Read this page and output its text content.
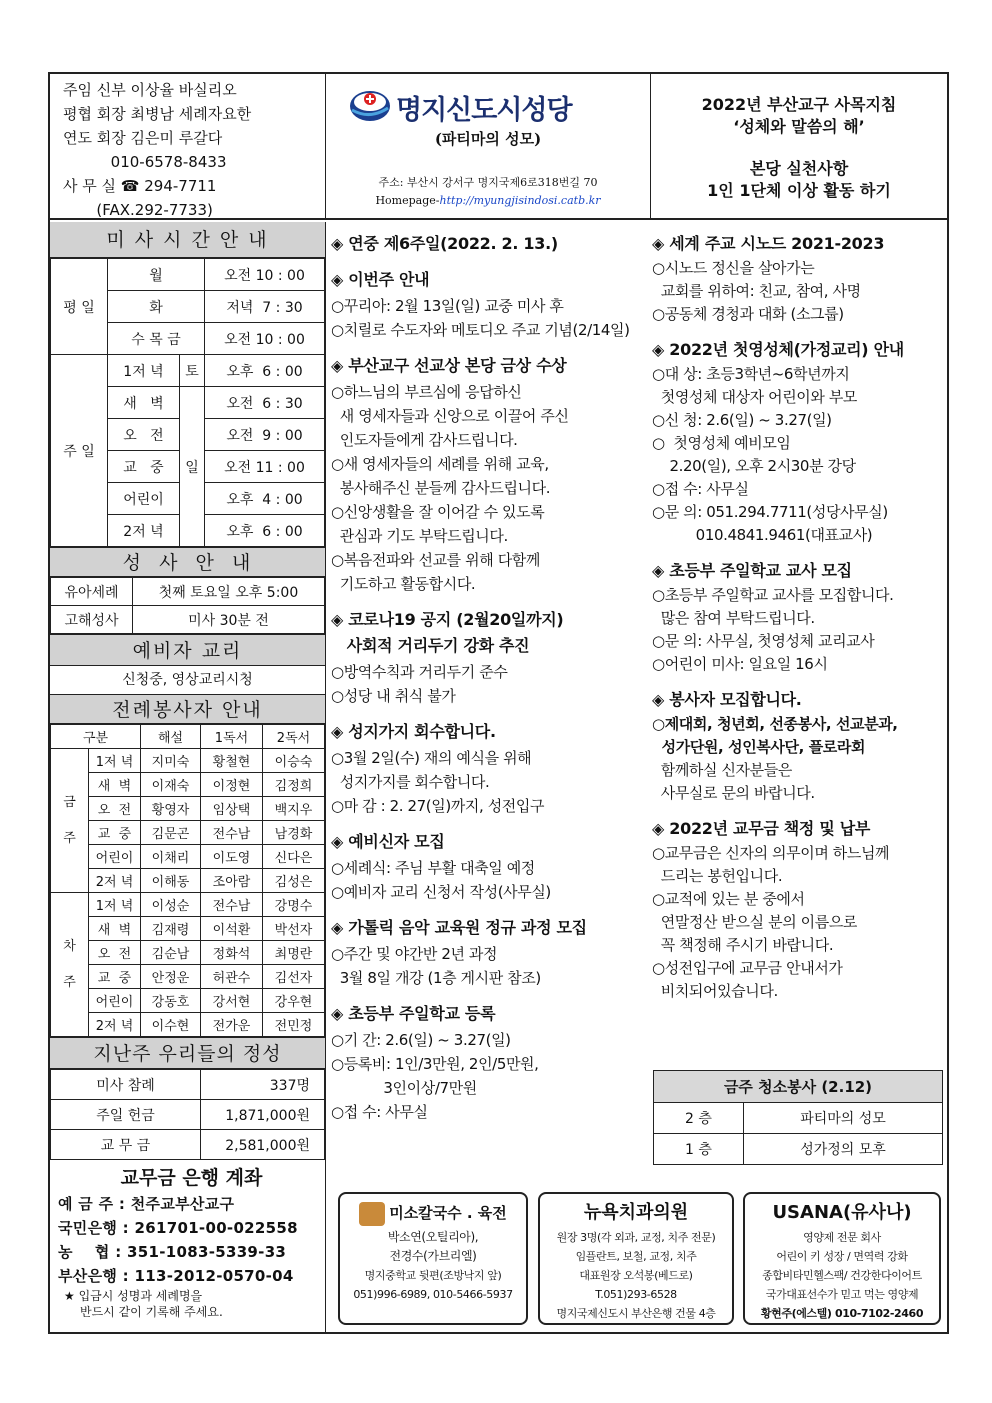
주임 신부 이상율 바실리오
평협 회장 최병남 세례자요한
연도 회장 김은미 루갈다
010-6578-8433
사 무 실 ☎ 294-7711
(FAX.292-7733)
명지신도시성당
(파티마의 성모)
주소: 부산시 강서구 명지국제6로318번길 70
Homepage-http://myungjisindosi.catb.kr
2022년 부산교구 사목지침
‘성체와 말씀의 해’
본당 실천사항
1인 1단체 이상 활동 하기
미 사 시 간 안 내
평 일	월		오전 10 : 00
	화		저녁  7 : 30
	수 목 금		오전 10 : 00
주 일	1저 녁	토	오후  6 : 00
	새   벽	일	오전  6 : 30
	오   전		오전  9 : 00
	교   중		오전 11 : 00
	어린이		오후  4 : 00
	2저 녁		오후  6 : 00
성  사  안  내
유아세례	첫째 토요일 오후 5:00
고해성사	미사 30분 전
예비자 교리
신청중, 영상교리시청
전례봉사자 안내
구분		해설	1독서	2독서
금

주	1저 녁	지미숙	황철현	이승숙
	새  벽	이재숙	이정현	김정희
	오  전	황영자	임상택	백지우
	교  중	김문곤	전수남	남경화
	어린이	이채리	이도영	신다은
	2저 녁	이해동	조아람	김성은
차

주	1저 녁	이성순	전수남	강명수
	새  벽	김재령	이석환	박선자
	오  전	김순남	정화석	최명란
	교  중	안정운	허관수	김선자
	어린이	강동호	강서현	강우현
	2저 녁	이수현	전가운	전민정
지난주 우리들의 정성
미사 참례	337명
주일 헌금	1,871,000원
교 무 금	2,581,000원
교무금 은행 계좌
예 금 주 : 천주교부산교구
국민은행 : 261701-00-022558
농    협 : 351-1083-5339-33
부산은행 : 113-2012-0570-04
★ 입금시 성명과 세례명을
반드시 같이 기록해 주세요.
◈ 연중 제6주일(2022. 2. 13.)
◈ 이번주 안내
○꾸리아: 2월 13일(일) 교중 미사 후
○치릴로 수도자와 메토디오 주교 기념(2/14일)
◈ 부산교구 선교상 본당 금상 수상
○하느님의 부르심에 응답하신
새 영세자들과 신앙으로 이끌어 주신
인도자들에게 감사드립니다.
○새 영세자들의 세례를 위해 교육,
봉사해주신 분들께 감사드립니다.
○신앙생활을 잘 이어갈 수 있도록
관심과 기도 부탁드립니다.
○복음전파와 선교를 위해 다함께
기도하고 활동합시다.
◈ 코로나19 공지 (2월20일까지)
사회적 거리두기 강화 추진
○방역수칙과 거리두기 준수
○성당 내 취식 불가
◈ 성지가지 회수합니다.
○3월 2일(수) 재의 예식을 위해
성지가지를 회수합니다.
○마 감 : 2. 27(일)까지, 성전입구
◈ 예비신자 모집
○세례식: 주님 부활 대축일 예정
○예비자 교리 신청서 작성(사무실)
◈ 가톨릭 음악 교육원 정규 과정 모집
○주간 및 야간반 2년 과정
3월 8일 개강 (1층 게시판 참조)
◈ 초등부 주일학교 등록
○기 간: 2.6(일) ~ 3.27(일)
○등록비: 1인/3만원, 2인/5만원,
3인이상/7만원
○접 수: 사무실
◈ 세계 주교 시노드 2021-2023
○시노드 정신을 살아가는
교회를 위하여: 친교, 참여, 사명
○공동체 경청과 대화 (소그룹)
◈ 2022년 첫영성체(가정교리) 안내
○대 상: 초등3학년~6학년까지
첫영성체 대상자 어린이와 부모
○신 청: 2.6(일) ~ 3.27(일)
○  첫영성체 예비모임
2.20(일), 오후 2시30분 강당
○접 수: 사무실
○문 의: 051.294.7711(성당사무실)
010.4841.9461(대표교사)
◈ 초등부 주일학교 교사 모집
○초등부 주일학교 교사를 모집합니다.
많은 참여 부탁드립니다.
○문 의: 사무실, 첫영성체 교리교사
○어린이 미사: 일요일 16시
◈ 봉사자 모집합니다.
○제대회, 청년회, 선종봉사, 선교분과,
성가단원, 성인복사단, 플로라회
함께하실 신자분들은
사무실로 문의 바랍니다.
◈ 2022년 교무금 책정 및 납부
○교무금은 신자의 의무이며 하느님께
드리는 봉헌입니다.
○교적에 있는 분 중에서
연말정산 받으실 분의 이름으로
꼭 책정해 주시기 바랍니다.
○성전입구에 교무금 안내서가
비치되어있습니다.
금주 청소봉사 (2.12)	
2 층	파티마의 성모
1 층	성가정의 모후
미소칼국수 . 육전
박소연(오틸리아),
전경수(가브리엘)
명지중학교 뒷편(조방낙지 앞)
051)996-6989, 010-5466-5937
뉴욕치과의원
원장 3명(각 외과, 교정, 치주 전문)
임플란트, 보철, 교정, 치주
대표원장 오석봉(베드로)
T.051)293-6528
명지국제신도시 부산은행 건물 4층
USANA(유사나)
영양제 전문 회사
어린이 키 성장 / 면역력 강화
종합비타민헬스팩/ 건강한다이어트
국가대표선수가 믿고 먹는 영양제
황현주(에스텔) 010-7102-2460
